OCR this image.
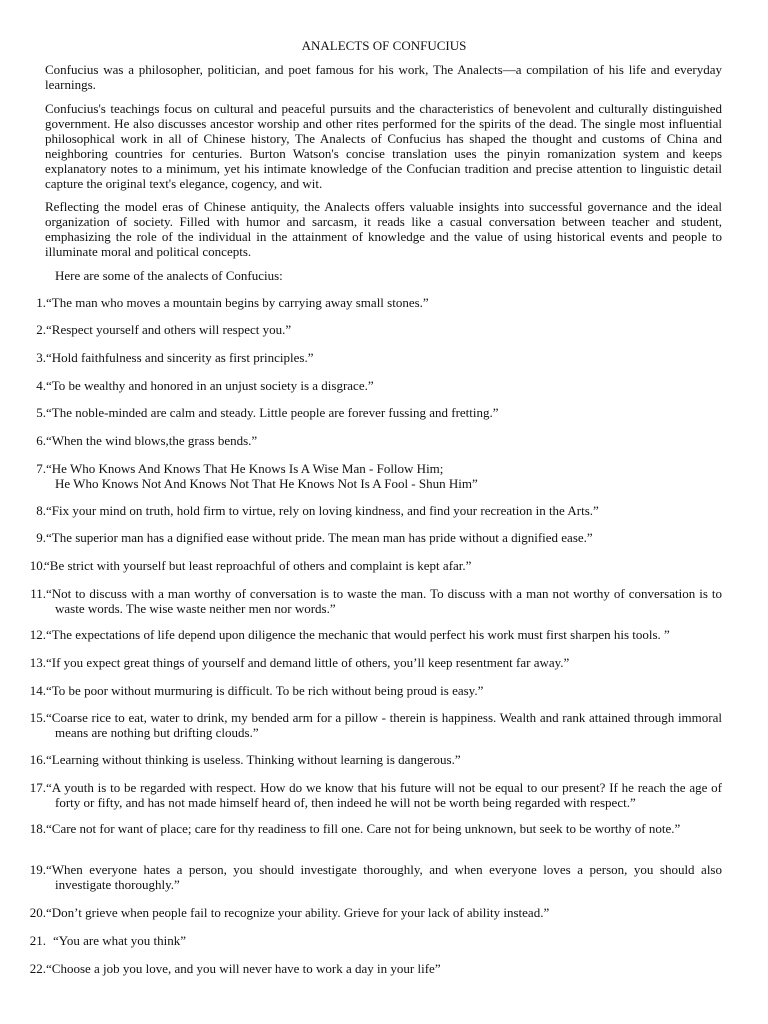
ANALECTS OF CONFUCIUS
Confucius was a philosopher, politician, and poet famous for his work, The Analects—a compilation of his life and everyday learnings.
Confucius's teachings focus on cultural and peaceful pursuits and the characteristics of benevolent and culturally distinguished government. He also discusses ancestor worship and other rites performed for the spirits of the dead. The single most influential philosophical work in all of Chinese history, The Analects of Confucius has shaped the thought and customs of China and neighboring countries for centuries. Burton Watson's concise translation uses the pinyin romanization system and keeps explanatory notes to a minimum, yet his intimate knowledge of the Confucian tradition and precise attention to linguistic detail capture the original text's elegance, cogency, and wit.
Reflecting the model eras of Chinese antiquity, the Analects offers valuable insights into successful governance and the ideal organization of society. Filled with humor and sarcasm, it reads like a casual conversation between teacher and student, emphasizing the role of the individual in the attainment of knowledge and the value of using historical events and people to illuminate moral and political concepts.
Here are some of the analects of Confucius:
1. “The man who moves a mountain begins by carrying away small stones.”
2. “Respect yourself and others will respect you.”
3. “Hold faithfulness and sincerity as first principles.”
4. “To be wealthy and honored in an unjust society is a disgrace.”
5. “The noble-minded are calm and steady. Little people are forever fussing and fretting.”
6. “When the wind blows,the grass bends.”
7. “He Who Knows And Knows That He Knows Is A Wise Man - Follow Him;
He Who Knows Not And Knows Not That He Knows Not Is A Fool - Shun Him”
8. “Fix your mind on truth, hold firm to virtue, rely on loving kindness, and find your recreation in the Arts.”
9. “The superior man has a dignified ease without pride. The mean man has pride without a dignified ease.”
10.
“Be strict with yourself but least reproachful of others and complaint is kept afar.”
11. “Not to discuss with a man worthy of conversation is to waste the man. To discuss with a man not worthy of conversation is to waste words. The wise waste neither men nor words.”
12. “The expectations of life depend upon diligence the mechanic that would perfect his work must first sharpen his tools. ”
13. “If you expect great things of yourself and demand little of others, you’ll keep resentment far away.”
14. “To be poor without murmuring is difficult. To be rich without being proud is easy.”
15. “Coarse rice to eat, water to drink, my bended arm for a pillow - therein is happiness. Wealth and rank attained through immoral means are nothing but drifting clouds.”
16. “Learning without thinking is useless. Thinking without learning is dangerous.”
17. “A youth is to be regarded with respect. How do we know that his future will not be equal to our present? If he reach the age of forty or fifty, and has not made himself heard of, then indeed he will not be worth being regarded with respect.”
18. “Care not for want of place; care for thy readiness to fill one. Care not for being unknown, but seek to be worthy of note.”
19. “When everyone hates a person, you should investigate thoroughly, and when everyone loves a person, you should also investigate thoroughly.”
20. “Don’t grieve when people fail to recognize your ability. Grieve for your lack of ability instead.”
21. “You are what you think”
22. “Choose a job you love, and you will never have to work a day in your life”
